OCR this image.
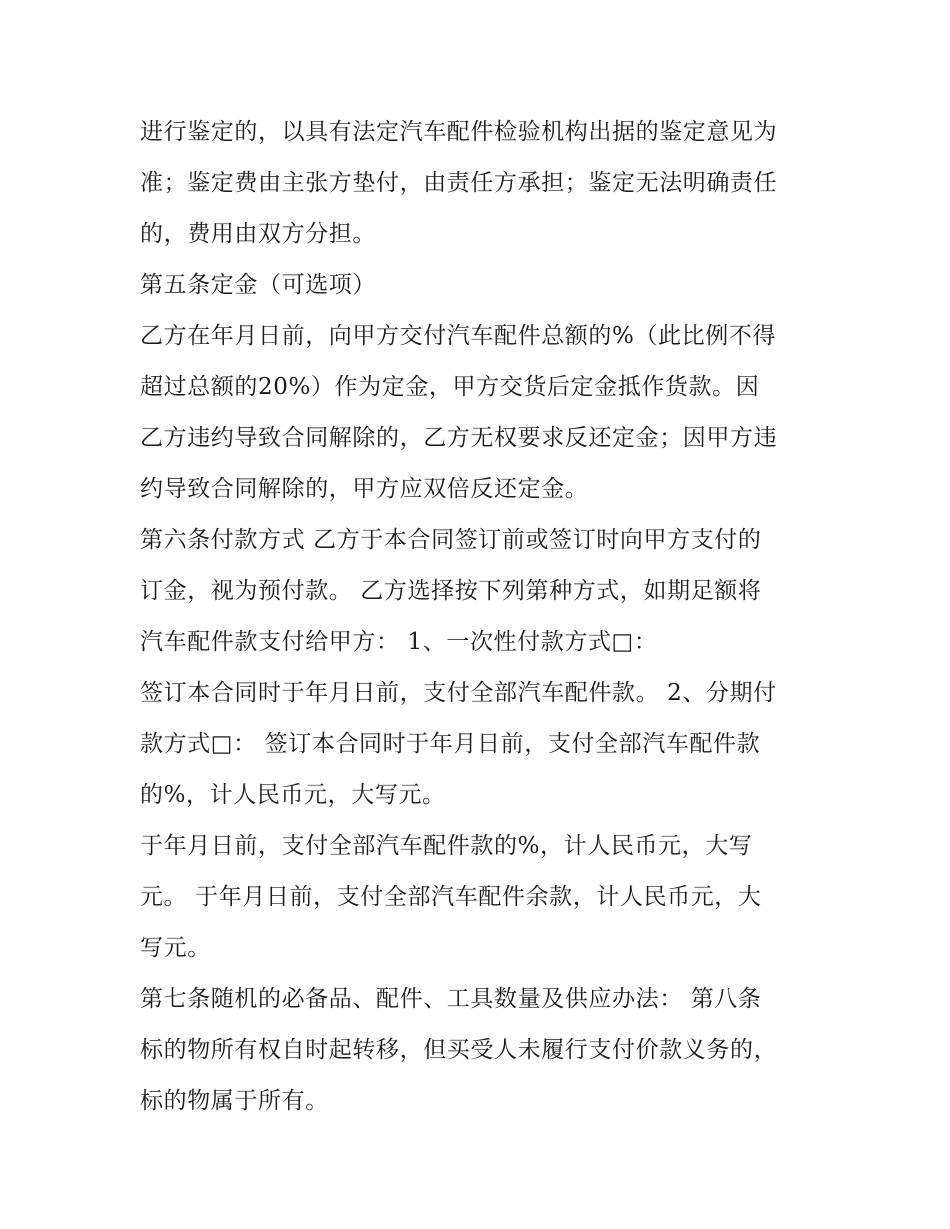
进行鉴定的，以具有法定汽车配件检验机构出据的鉴定意见为
准；鉴定费由主张方垫付，由责任方承担；鉴定无法明确责任
的，费用由双方分担。
第五条定金（可选项）
乙方在年月日前，向甲方交付汽车配件总额的%（此比例不得
超过总额的20%）作为定金，甲方交货后定金抵作货款。因
乙方违约导致合同解除的，乙方无权要求反还定金；因甲方违
约导致合同解除的，甲方应双倍反还定金。
第六条付款方式 乙方于本合同签订前或签订时向甲方支付的
订金，视为预付款。 乙方选择按下列第种方式，如期足额将
汽车配件款支付给甲方： 1、一次性付款方式□：
签订本合同时于年月日前，支付全部汽车配件款。 2、分期付
款方式□： 签订本合同时于年月日前，支付全部汽车配件款
的%，计人民币元，大写元。
于年月日前，支付全部汽车配件款的%，计人民币元，大写
元。 于年月日前，支付全部汽车配件余款，计人民币元，大
写元。
第七条随机的必备品、配件、工具数量及供应办法： 第八条
标的物所有权自时起转移，但买受人未履行支付价款义务的，
标的物属于所有。
